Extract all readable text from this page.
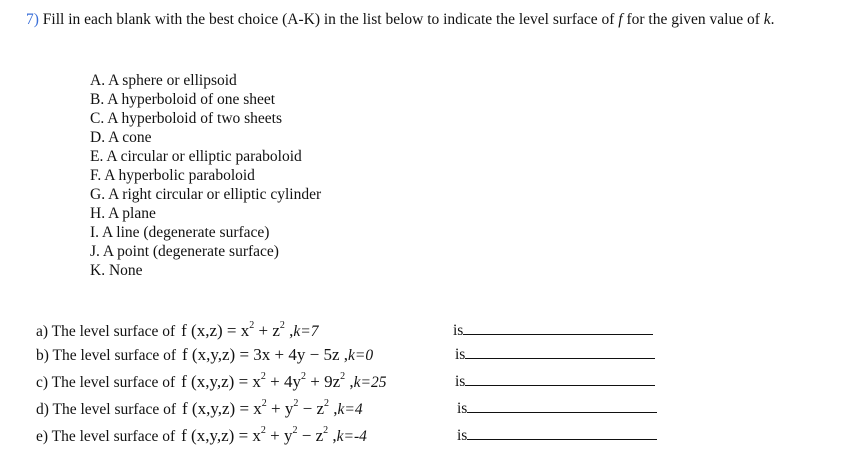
7) Fill in each blank with the best choice (A-K) in the list below to indicate the level surface of f for the given value of k.
A. A sphere or ellipsoid
B. A hyperboloid of one sheet
C. A hyperboloid of two sheets
D. A cone
E. A circular or elliptic paraboloid
F. A hyperbolic paraboloid
G. A right circular or elliptic cylinder
H. A plane
I. A line (degenerate surface)
J. A point (degenerate surface)
K. None
a) The level surface of f $(x,z) = x^2 + z^2$ ,k=7	is
b) The level surface of f (x,y,z) = 3x + 4y − 5z ,k=0	is
c) The level surface of f $(x,y,z) = x^2 + 4y^2 + 9z^2$ ,k=25	is
d) The level surface of f $(x,y,z) = x^2 + y^2 - z^2$ ,k=4	is
e) The level surface of f $(x,y,z) = x^2 + y^2 - z^2$ ,k=-4	is
